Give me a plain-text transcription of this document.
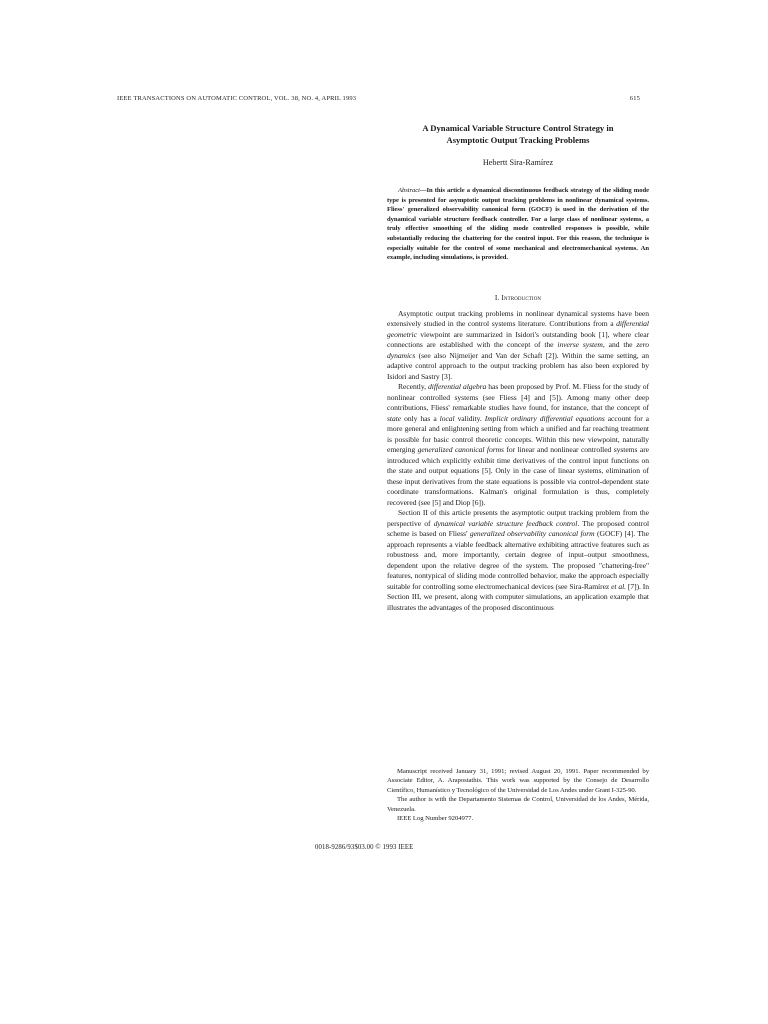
IEEE TRANSACTIONS ON AUTOMATIC CONTROL, VOL. 38, NO. 4, APRIL 1993	615
A Dynamical Variable Structure Control Strategy in
Asymptotic Output Tracking Problems
Hebertt Sira-Ramírez
Abstract—In this article a dynamical discontinuous feedback strategy of the sliding mode type is presented for asymptotic output tracking problems in nonlinear dynamical systems. Fliess' generalized observability canonical form (GOCF) is used in the derivation of the dynamical variable structure feedback controller. For a large class of nonlinear systems, a truly effective smoothing of the sliding mode controlled responses is possible, while substantially reducing the chattering for the control input. For this reason, the technique is especially suitable for the control of some mechanical and electromechanical systems. An example, including simulations, is provided.
I. Introduction

Asymptotic output tracking problems in nonlinear dynamical systems have been extensively studied in the control systems literature. Contributions from a differential geometric viewpoint are summarized in Isidori's outstanding book [1], where clear connections are established with the concept of the inverse system, and the zero dynamics (see also Nijmeijer and Van der Schaft [2]). Within the same setting, an adaptive control approach to the output tracking problem has also been explored by Isidori and Sastry [3].

Recently, differential algebra has been proposed by Prof. M. Fliess for the study of nonlinear controlled systems (see Fliess [4] and [5]). Among many other deep contributions, Fliess' remarkable studies have found, for instance, that the concept of state only has a local validity. Implicit ordinary differential equations account for a more general and enlightening setting from which a unified and far reaching treatment is possible for basic control theoretic concepts. Within this new viewpoint, naturally emerging generalized canonical forms for linear and nonlinear controlled systems are introduced which explicitly exhibit time derivatives of the control input functions on the state and output equations [5]. Only in the case of linear systems, elimination of these input derivatives from the state equations is possible via control-dependent state coordinate transformations. Kalman's original formulation is thus, completely recovered (see [5] and Diop [6]).

Section II of this article presents the asymptotic output tracking problem from the perspective of dynamical variable structure feedback control. The proposed control scheme is based on Fliess' generalized observability canonical form (GOCF) [4]. The approach represents a viable feedback alternative exhibiting attractive features such as robustness and, more importantly, certain degree of input–output smoothness, dependent upon the relative degree of the system. The proposed "chattering-free" features, nontypical of sliding mode controlled behavior, make the approach especially suitable for controlling some electromechanical devices (see Sira-Ramírez et al. [7]). In Section III, we present, along with computer simulations, an application example that illustrates the advantages of the proposed discontinuous

Manuscript received January 31, 1991; revised August 20, 1991. Paper recommended by Associate Editor, A. Arapostathis. This work was supported by the Consejo de Desarrollo Científico, Humanístico y Tecnológico of the Universidad de Los Andes under Grant I-325-90.

The author is with the Departamento Sistemas de Control, Universidad de los Andes, Mérida, Venezuela.

IEEE Log Number 9204977.

0018-9286/93$03.00 © 1993 IEEE
